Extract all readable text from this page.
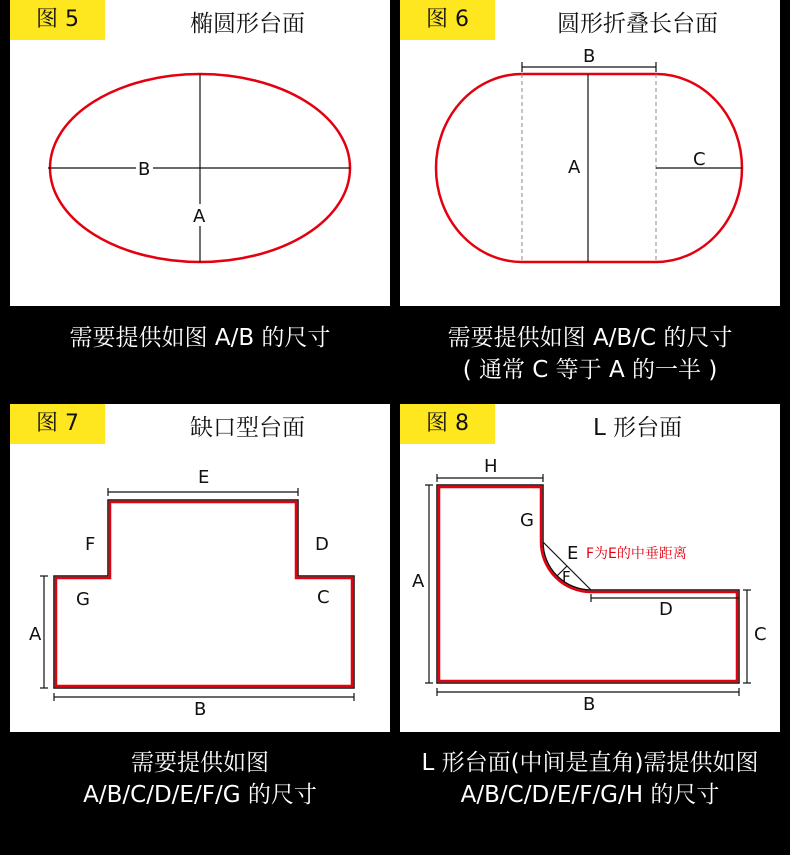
图 5	椭圆形台面
B
A
需要提供如图 A/B 的尺寸
图 6	圆形折叠长台面
B
A	C
需要提供如图 A/B/C 的尺寸
( 通常 C 等于 A 的一半 )
图 7	缺口型台面
E
F	D
G	C
A
B
需要提供如图
A/B/C/D/E/F/G 的尺寸
图 8	L 形台面
H
G
E
F
F为E的中垂距离
D
C
A
B
L 形台面(中间是直角)需提供如图
A/B/C/D/E/F/G/H 的尺寸
